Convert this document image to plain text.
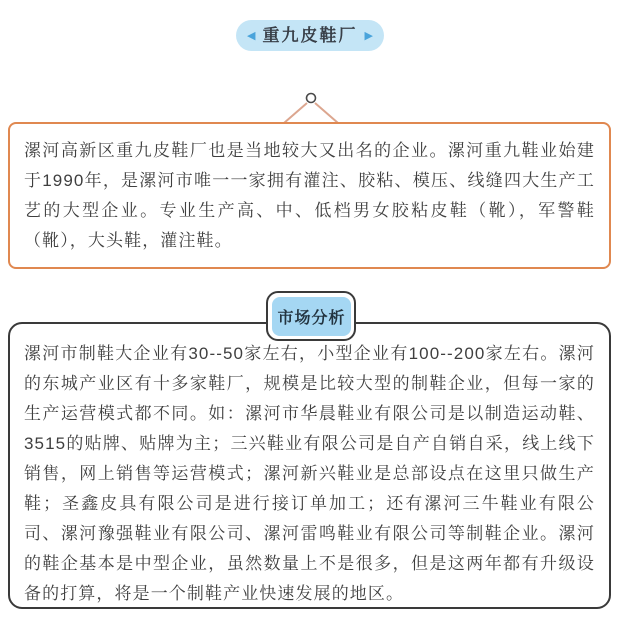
◀ 重九皮鞋厂 ▶

漯河高新区重九皮鞋厂也是当地较大又出名的企业。漯河重九鞋业始建于1990年，是漯河市唯一一家拥有灌注、胶粘、模压、线缝四大生产工艺的大型企业。专业生产高、中、低档男女胶粘皮鞋（靴），军警鞋（靴），大头鞋，灌注鞋。

市场分析

漯河市制鞋大企业有30--50家左右，小型企业有100--200家左右。漯河的东城产业区有十多家鞋厂，规模是比较大型的制鞋企业，但每一家的生产运营模式都不同。如：漯河市华晨鞋业有限公司是以制造运动鞋、3515的贴牌、贴牌为主；三兴鞋业有限公司是自产自销自采，线上线下销售，网上销售等运营模式；漯河新兴鞋业是总部设点在这里只做生产鞋；圣鑫皮具有限公司是进行接订单加工；还有漯河三牛鞋业有限公司、漯河豫强鞋业有限公司、漯河雷鸣鞋业有限公司等制鞋企业。漯河的鞋企基本是中型企业，虽然数量上不是很多，但是这两年都有升级设备的打算，将是一个制鞋产业快速发展的地区。
